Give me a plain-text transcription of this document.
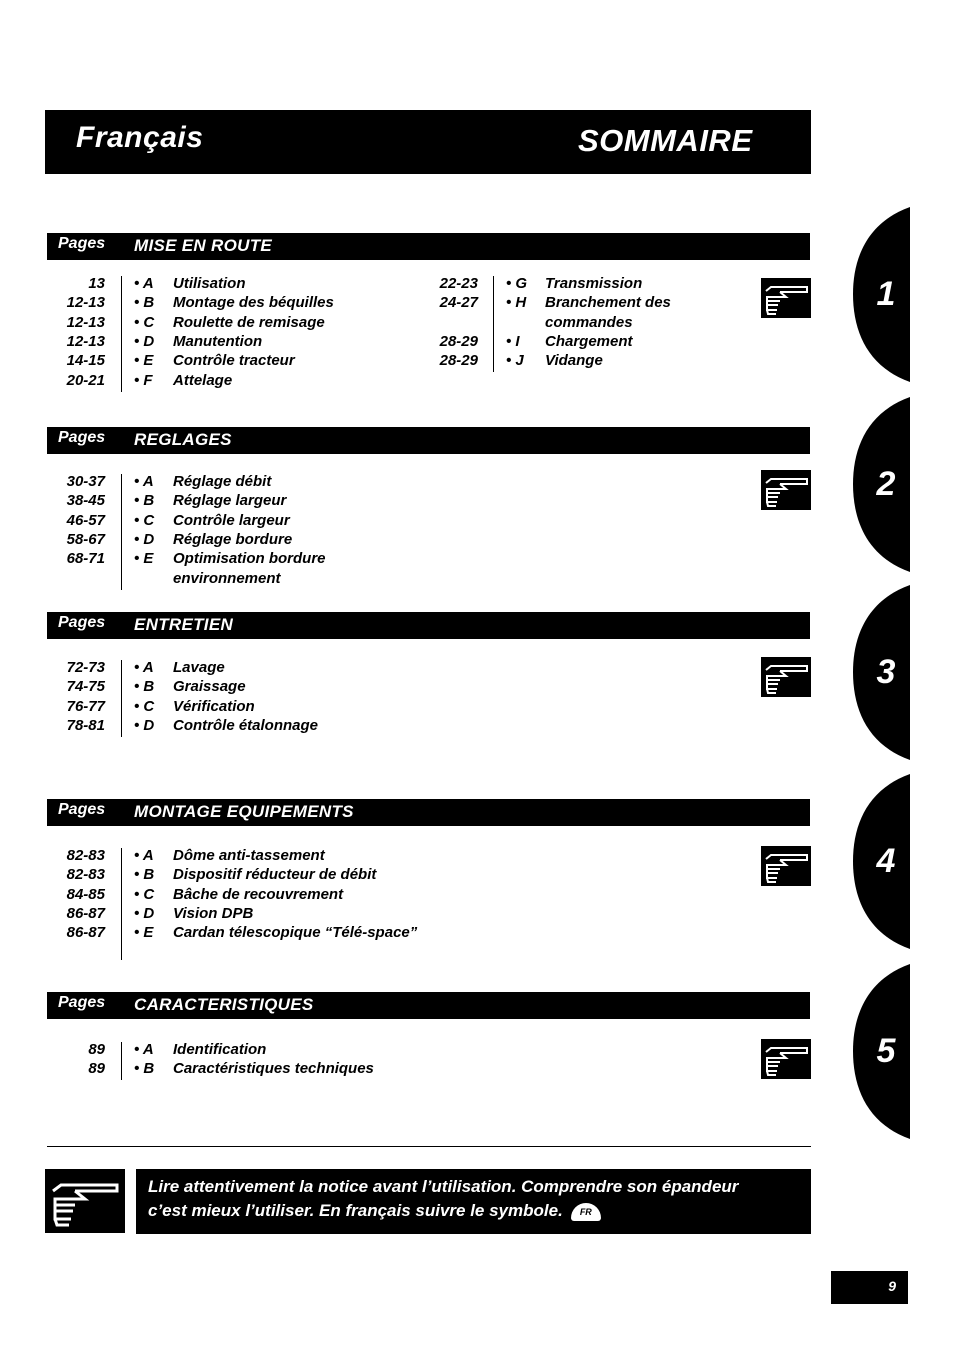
Français	SOMMAIRE
Pages MISE EN ROUTE
13 • A Utilisation
12-13 • B Montage des béquilles
12-13 • C Roulette de remisage
12-13 • D Manutention
14-15 • E Contrôle tracteur
20-21 • F Attelage
22-23 • G Transmission
24-27 • H Branchement des
commandes
28-29 • I Chargement
28-29 • J Vidange
Pages REGLAGES
30-37 • A Réglage débit
38-45 • B Réglage largeur
46-57 • C Contrôle largeur
58-67 • D Réglage bordure
68-71 • E Optimisation bordure
environnement
Pages ENTRETIEN
72-73 • A Lavage
74-75 • B Graissage
76-77 • C Vérification
78-81 • D Contrôle étalonnage
Pages MONTAGE EQUIPEMENTS
82-83 • A Dôme anti-tassement
82-83 • B Dispositif réducteur de débit
84-85 • C Bâche de recouvrement
86-87 • D Vision DPB
86-87 • E Cardan télescopique “Télé-space”
Pages CARACTERISTIQUES
89 • A Identification
89 • B Caractéristiques techniques
1
2
3
4
5
Lire attentivement la notice avant l’utilisation. Comprendre son épandeur
c’est mieux l’utiliser. En français suivre le symbole. FR
9
